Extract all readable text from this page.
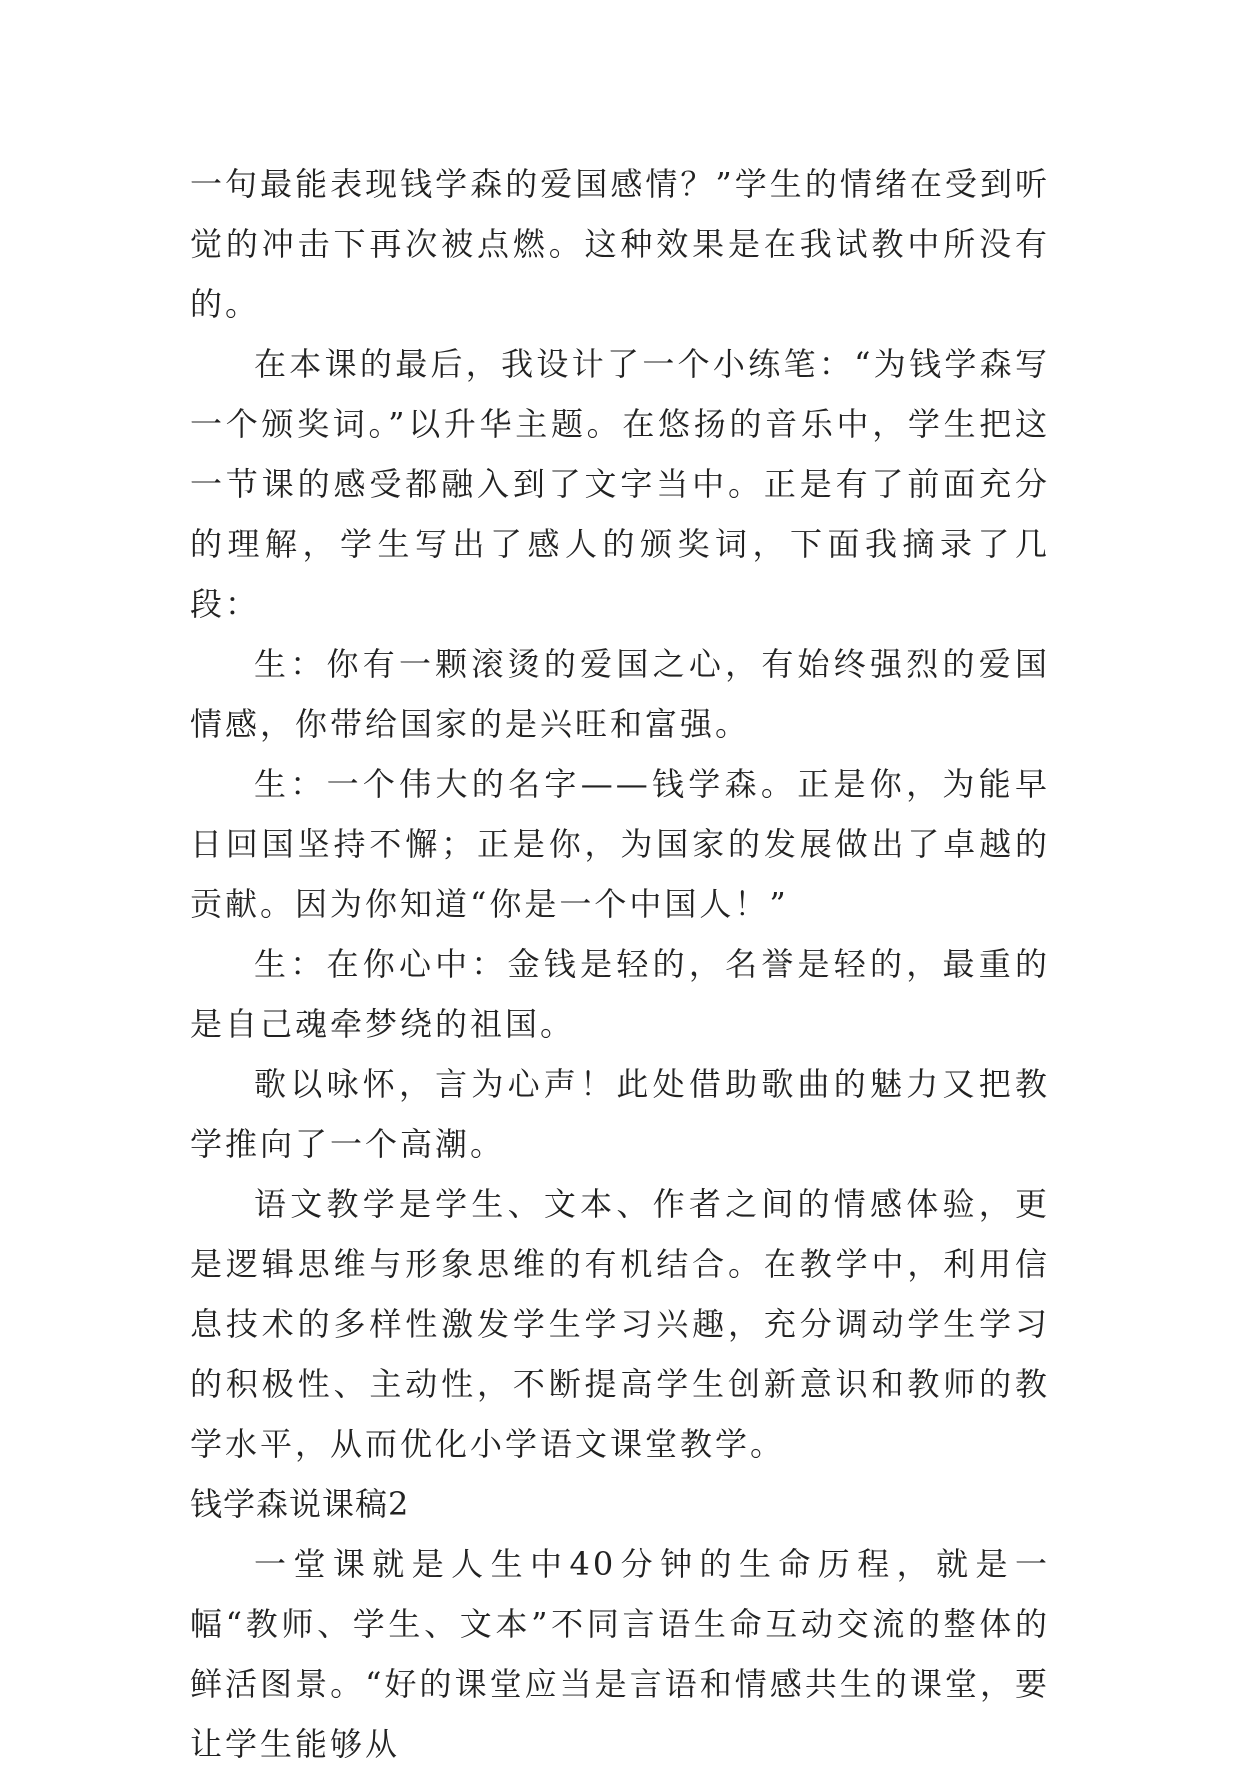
一句最能表现钱学森的爱国感情？”学生的情绪在受到听觉的冲击下再次被点燃。这种效果是在我试教中所没有的。

在本课的最后，我设计了一个小练笔：“为钱学森写一个颁奖词。”以升华主题。在悠扬的音乐中，学生把这一节课的感受都融入到了文字当中。正是有了前面充分的理解，学生写出了感人的颁奖词，下面我摘录了几段：

生：你有一颗滚烫的爱国之心，有始终强烈的爱国情感，你带给国家的是兴旺和富强。

生：一个伟大的名字——钱学森。正是你，为能早日回国坚持不懈；正是你，为国家的发展做出了卓越的贡献。因为你知道“你是一个中国人！”

生：在你心中：金钱是轻的，名誉是轻的，最重的是自己魂牵梦绕的祖国。

歌以咏怀，言为心声！此处借助歌曲的魅力又把教学推向了一个高潮。

语文教学是学生、文本、作者之间的情感体验，更是逻辑思维与形象思维的有机结合。在教学中，利用信息技术的多样性激发学生学习兴趣，充分调动学生学习的积极性、主动性，不断提高学生创新意识和教师的教学水平，从而优化小学语文课堂教学。

钱学森说课稿2

一堂课就是人生中40分钟的生命历程，就是一幅“教师、学生、文本”不同言语生命互动交流的整体的鲜活图景。“好的课堂应当是言语和情感共生的课堂，要让学生能够从
